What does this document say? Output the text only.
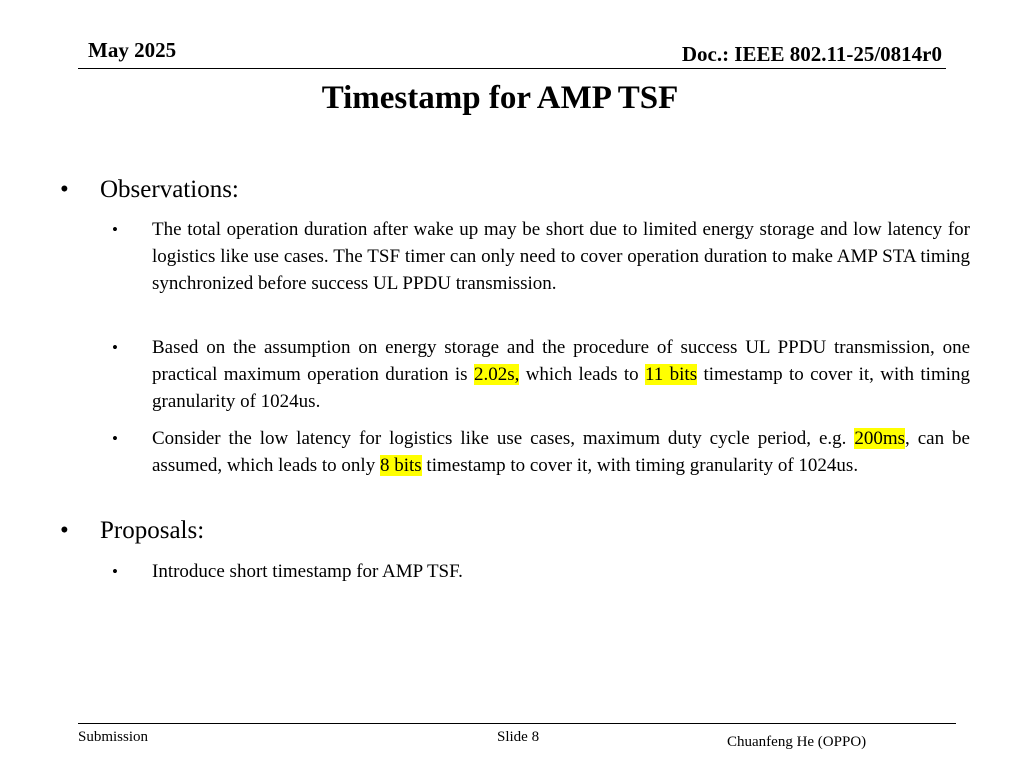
May 2025	Doc.: IEEE 802.11-25/0814r0
Timestamp for AMP TSF
• Observations:
• The total operation duration after wake up may be short due to limited energy storage and low latency for logistics like use cases. The TSF timer can only need to cover operation duration to make AMP STA timing synchronized before success UL PPDU transmission.
• Based on the assumption on energy storage and the procedure of success UL PPDU transmission, one practical maximum operation duration is 2.02s, which leads to 11 bits timestamp to cover it, with timing granularity of 1024us.
• Consider the low latency for logistics like use cases, maximum duty cycle period, e.g. 200ms, can be assumed, which leads to only 8 bits timestamp to cover it, with timing granularity of 1024us.
• Proposals:
• Introduce short timestamp for AMP TSF.
Submission	Slide 8	Chuanfeng He (OPPO)
